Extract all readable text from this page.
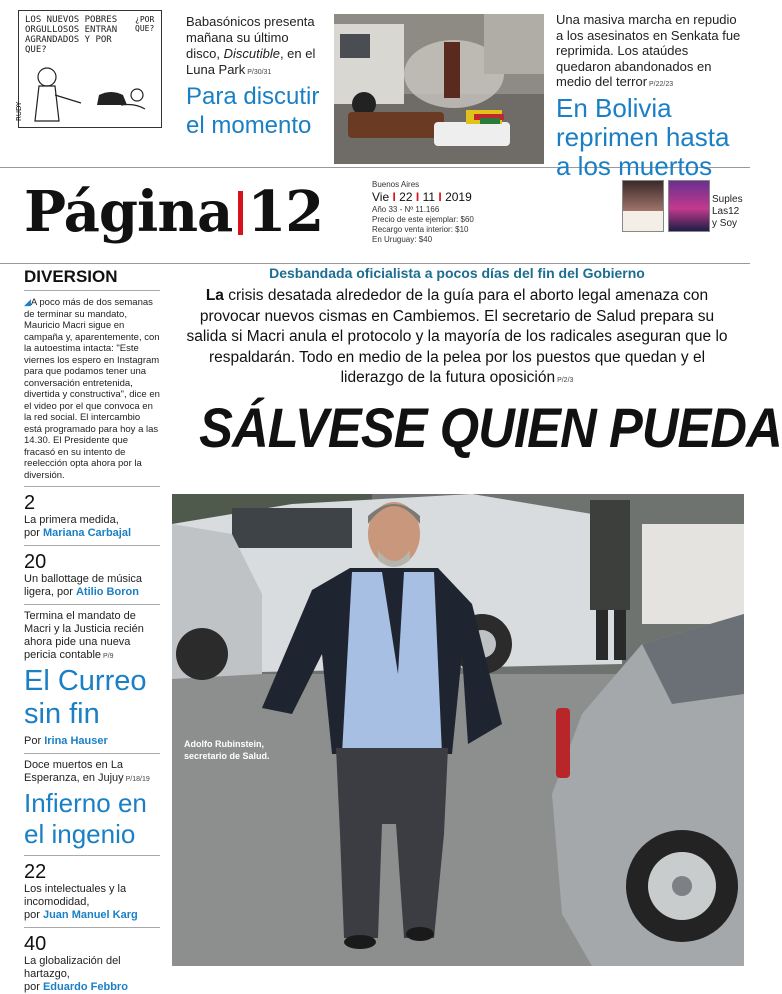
LOS NUEVOS POBRES ORGULLOSOS ENTRAN AGRANDADOS Y POR QUE?
¿POR QUE?
RUDY
Babasónicos presenta mañana su último disco, Discutible, en el Luna Park P/30/31
Para discutir el momento
Una masiva marcha en repudio a los asesinatos en Senkata fue reprimida. Los ataúdes quedaron abandonados en medio del terror P/22/23
En Bolivia reprimen hasta a los muertos
Página 12	Buenos Aires
Vie I 22 I 11 I 2019
Año 33 - Nº 11.166
Precio de este ejemplar: $60
Recargo venta interior: $10
En Uruguay: $40
Suples
Las12
y Soy
DIVERSION
◢A poco más de dos semanas de terminar su mandato, Mauricio Macri sigue en campaña y, aparentemente, con la autoestima intacta: "Este viernes los espero en Instagram para que podamos tener una conversación entretenida, divertida y constructiva", dice en el video por el que convoca en la red social. El intercambio está programado para hoy a las 14.30. El Presidente que fracasó en su intento de reelección opta ahora por la diversión.
2
La primera medida,
por Mariana Carbajal
20
Un ballottage de música ligera, por Atilio Boron
Termina el mandato de Macri y la Justicia recién ahora pide una nueva pericia contable P/9
El Curreo sin fin
Por Irina Hauser
Doce muertos en La Esperanza, en Jujuy P/18/19
Infierno en el ingenio
22
Los intelectuales y la incomodidad,
por Juan Manuel Karg
40
La globalización del hartazgo,
por Eduardo Febbro
Desbandada oficialista a pocos días del fin del Gobierno
La crisis desatada alrededor de la guía para el aborto legal amenaza con provocar nuevos cismas en Cambiemos. El secretario de Salud prepara su salida si Macri anula el protocolo y la mayoría de los radicales aseguran que lo respaldarán. Todo en medio de la pelea por los puestos que quedan y el liderazgo de la futura oposición P/2/3
SÁLVESE QUIEN PUEDA
Adolfo Rubinstein,
secretario de Salud.
